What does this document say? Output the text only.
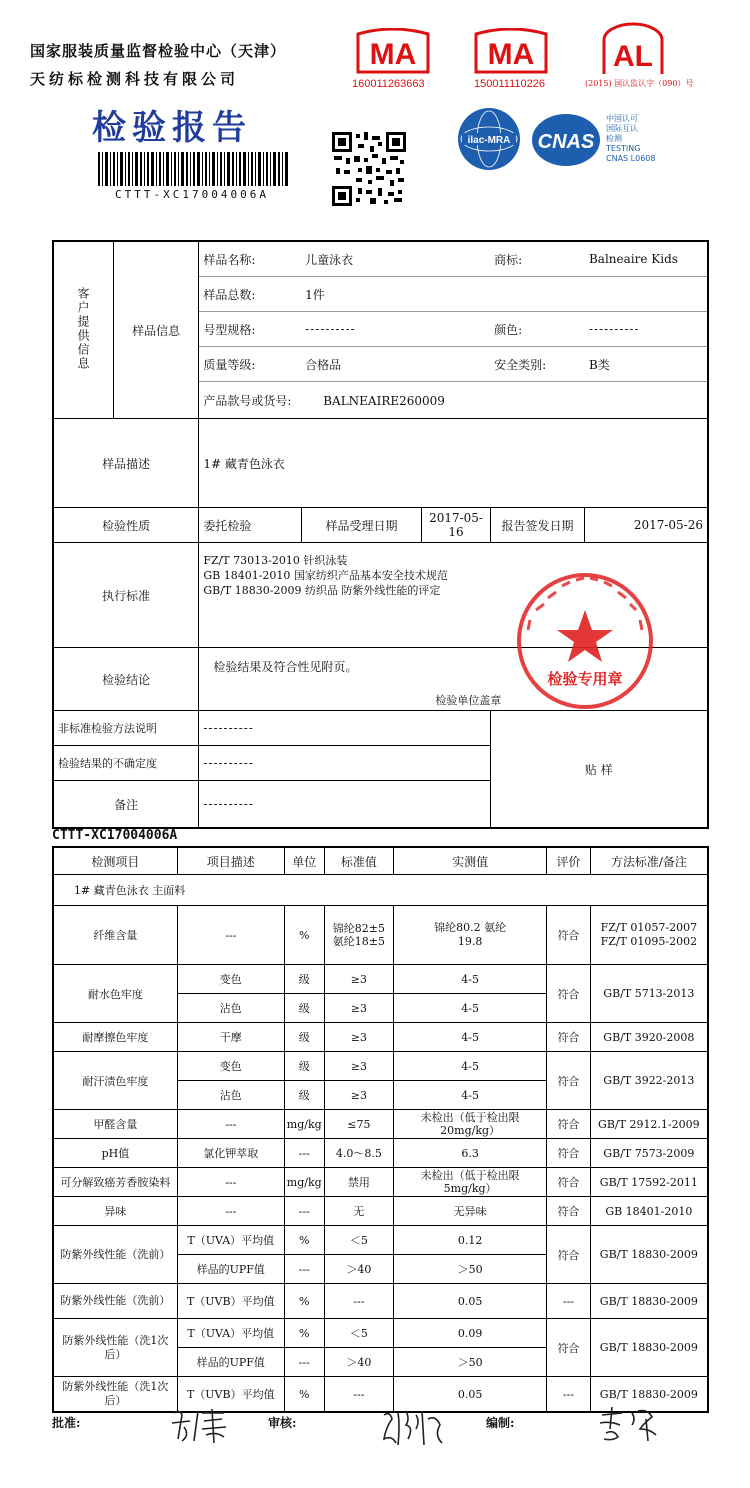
国家服装质量监督检验中心（天津）
天纺标检测科技有限公司
检验报告
CTTT-XC17004006A
MA
160011263663
MA
150011110226
AL
(2015) 国认监认字（090）号
ilac-MRA CNAS
中国认可
国际互认
检测
TESTING
CNAS L0608
客户提供信息	样品信息	样品名称:	儿童泳衣		商标:	Balneaire Kids
		样品总数:	1件			
		号型规格:	----------		颜色:	----------
		质量等级:	合格品		安全类别:	B类
		产品款号或货号: BALNEAIRE260009				
样品描述		1# 藏青色泳衣				
检验性质		委托检验	样品受理日期	2017-05-16	报告签发日期	2017-05-26
执行标准		FZ/T 73013-2010 针织泳装
GB 18401-2010 国家纺织产品基本安全技术规范
GB/T 18830-2009 纺织品 防紫外线性能的评定				

检验结论		检验结果及符合性见附页。
检验单位盖章				

非标准检验方法说明		----------			贴 样	
检验结果的不确定度		----------				
备注		----------				
检验专用章
CTTT-XC17004006A
检测项目	项目描述	单位	标准值	实测值	评价	方法标准/备注
1# 藏青色泳衣 主面料						
纤维含量	---	%	锦纶82±5 氨纶18±5	锦纶80.2 氨纶19.8	符合	FZ/T 01057-2007 FZ/T 01095-2002
耐水色牢度	变色	级	≥3	4-5	符合	GB/T 5713-2013
	沾色	级	≥3	4-5		
耐摩擦色牢度	干摩	级	≥3	4-5	符合	GB/T 3920-2008
耐汗渍色牢度	变色	级	≥3	4-5	符合	GB/T 3922-2013
	沾色	级	≥3	4-5		
甲醛含量	---	mg/kg	≤75	未检出（低于检出限20mg/kg）	符合	GB/T 2912.1-2009
pH值	氯化钾萃取	---	4.0～8.5	6.3	符合	GB/T 7573-2009
可分解致癌芳香胺染料	---	mg/kg	禁用	未检出（低于检出限5mg/kg）	符合	GB/T 17592-2011
异味	---	---	无	无异味	符合	GB 18401-2010
防紫外线性能（洗前）	T（UVA）平均值	%	＜5	0.12	符合	GB/T 18830-2009
	样品的UPF值	---	＞40	＞50		
防紫外线性能（洗前）	T（UVB）平均值	%	---	0.05	---	GB/T 18830-2009
防紫外线性能（洗1次后）	T（UVA）平均值	%	＜5	0.09	符合	GB/T 18830-2009
	样品的UPF值	---	＞40	＞50		
防紫外线性能（洗1次后）	T（UVB）平均值	%	---	0.05	---	GB/T 18830-2009
批准:	审核:	编制:
